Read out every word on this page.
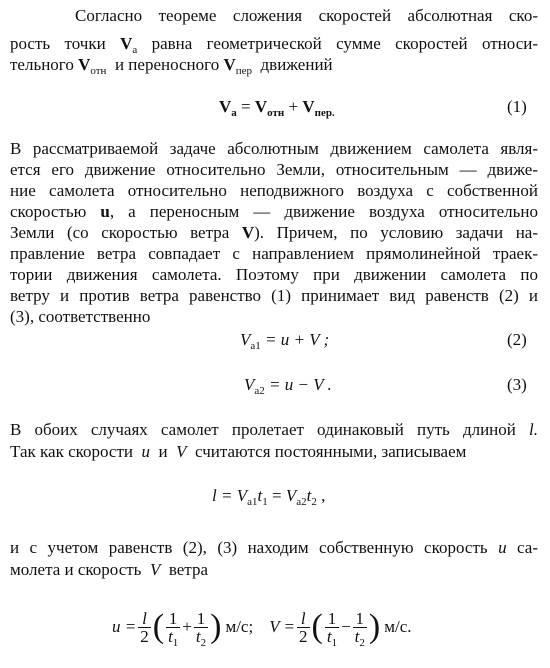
Согласно теореме сложения скоростей абсолютная ско-
рость точки $V_a$ равна геометрической сумме скоростей относи-
тельного $V_{отн}$ и переносного $V_{пер}$ движений
$V_a = V_{отн} + V_{пер.}$	(1)
В рассматриваемой задаче абсолютным движением самолета явля-
ется его движение относительно Земли, относительным — движе-
ние самолета относительно неподвижного воздуха с собственной
скоростью u, а переносным — движение воздуха относительно
Земли (со скоростью ветра V). Причем, по условию задачи на-
правление ветра совпадает с направлением прямолинейной траек-
тории движения самолета. Поэтому при движении самолета по
ветру и против ветра равенство (1) принимает вид равенств (2) и
(3), соответственно
$V_{a1} = u + V$ ;	(2)
$V_{a2} = u - V$ .	(3)
В обоих случаях самолет пролетает одинаковый путь длиной l.
Так как скорости u и V считаются постоянными, записываем
$l = V_{a1}t_1 = V_{a2}t_2$ ,
и с учетом равенств (2), (3) находим собственную скорость u са-
молета и скорость V ветра
$u = \frac{l}{2}$ ( $\frac{1}{t_1} + \frac{1}{t_2}$ ) м/с; $V = \frac{l}{2}$ ( $\frac{1}{t_1} - \frac{1}{t_2}$ ) м/с.
